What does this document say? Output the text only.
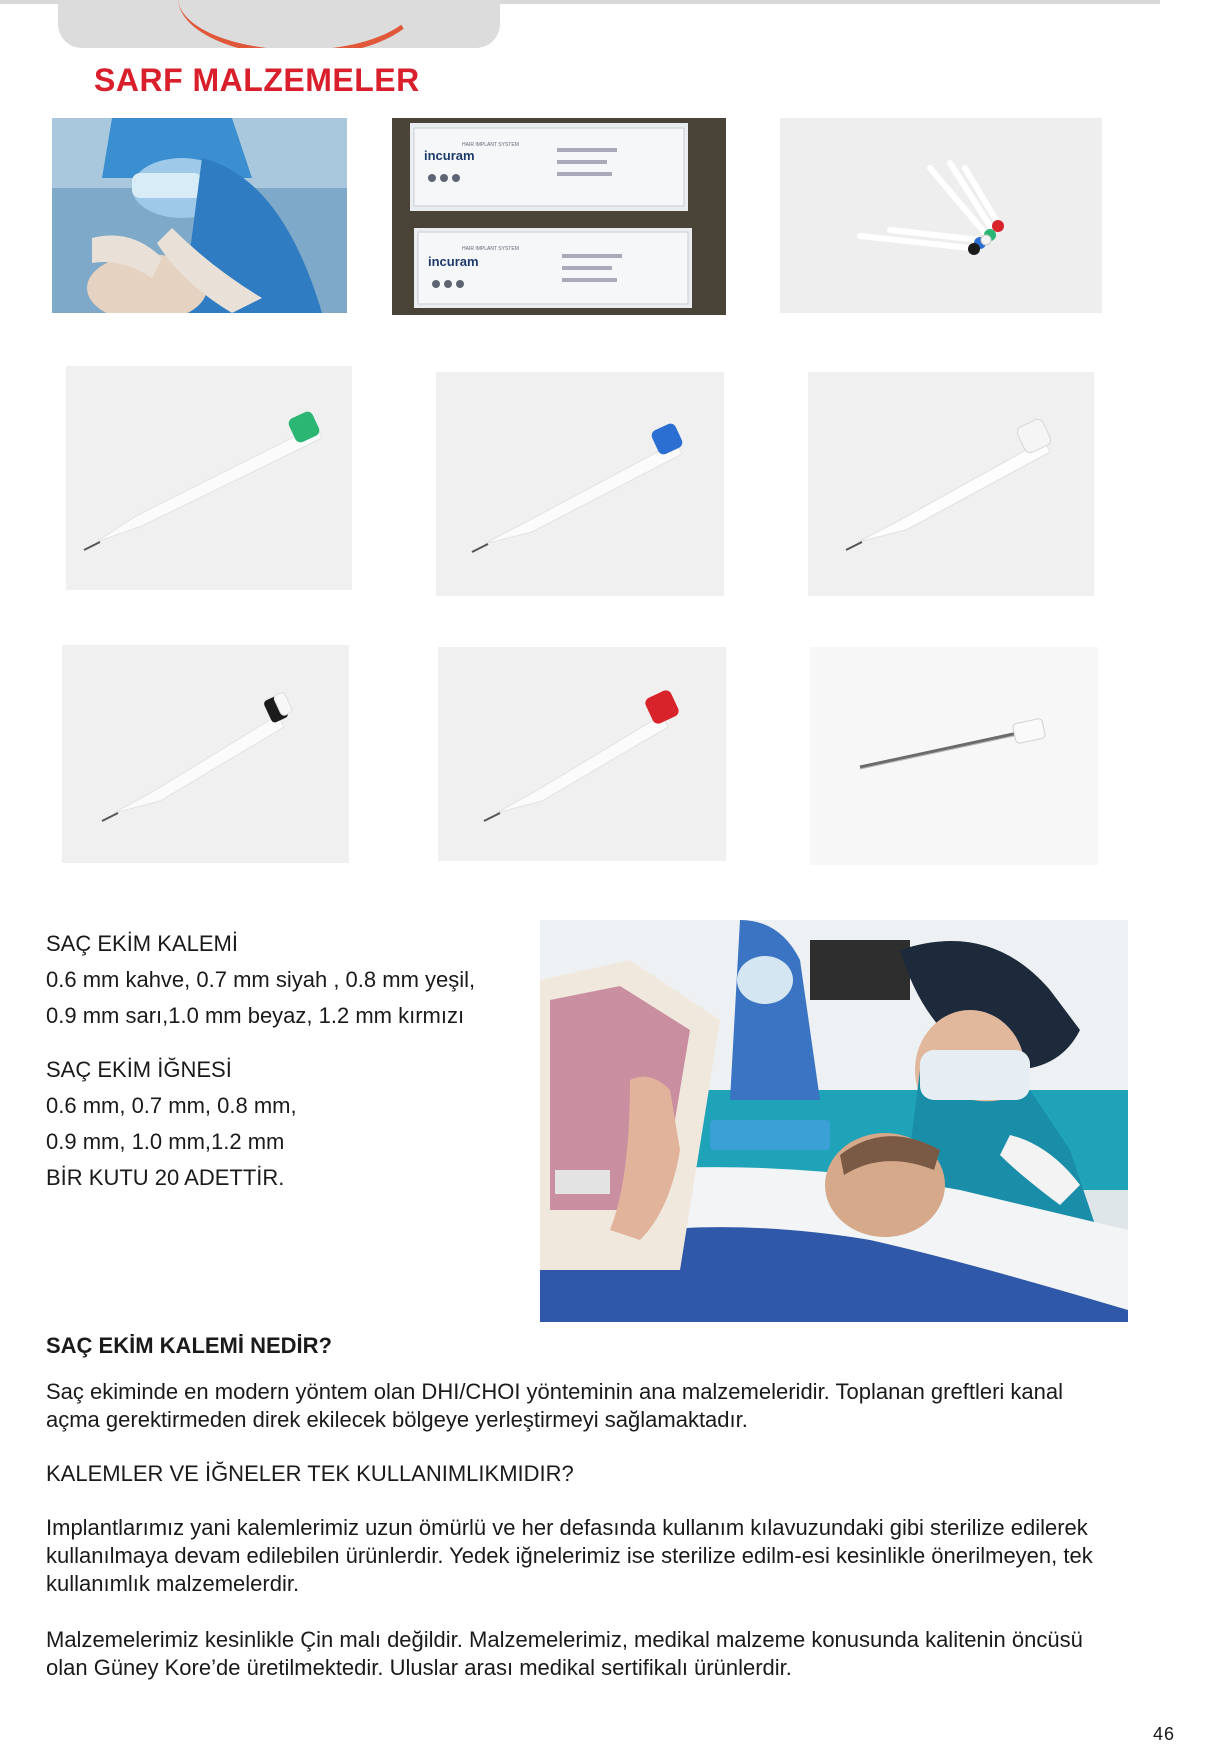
SARF MALZEMELER
incuram
incuram
HAIR IMPLANT SYSTEM
HAIR IMPLANT SYSTEM

SAÇ EKİM KALEMİ

0.6 mm kahve, 0.7 mm siyah , 0.8 mm yeşil,

0.9 mm sarı,1.0 mm beyaz, 1.2 mm kırmızı

SAÇ EKİM İĞNESİ

0.6 mm, 0.7 mm, 0.8 mm,

0.9 mm, 1.0 mm,1.2 mm

BİR KUTU 20 ADETTİR.

SAÇ EKİM KALEMİ NEDİR?

Saç ekiminde en modern yöntem olan DHI/CHOI yönteminin ana malzemeleridir. Toplanan greftleri kanal açma gerektirmeden direk ekilecek bölgeye yerleştirmeyi sağlamaktadır.

KALEMLER VE İĞNELER TEK KULLANIMLIKMIDIR?

Implantlarımız yani kalemlerimiz uzun ömürlü ve her defasında kullanım kılavuzundaki gibi sterilize edilerek kullanılmaya devam edilebilen ürünlerdir. Yedek iğnelerimiz ise sterilize edilm-esi kesinlikle önerilmeyen, tek kullanımlık malzemelerdir.

Malzemelerimiz kesinlikle Çin malı değildir. Malzemelerimiz, medikal malzeme konusunda kalitenin öncüsü olan Güney Kore’de üretilmektedir. Uluslar arası medikal sertifikalı ürünlerdir.

46
